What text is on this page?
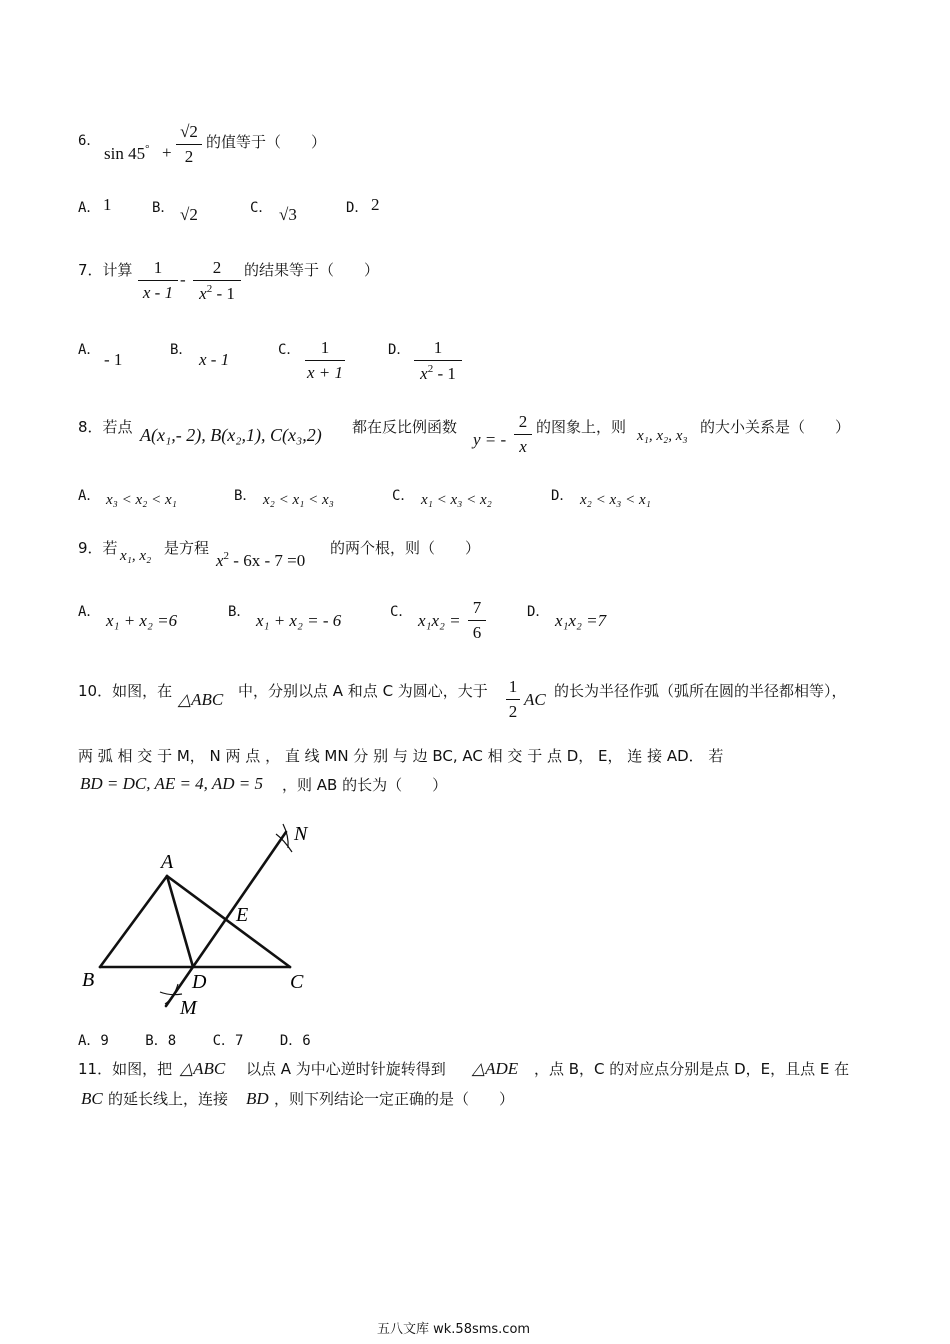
6．
sin 45° +
√2
2
的值等于（　　）
A． 1	B． √2	C． √3	D． 2
7．计算	1
x - 1
-
2
$x^2 - 1$
的结果等于（　　）
A． - 1	B． x - 1	C．	1
x + 1
D．	1
$x^2 - 1$
8．若点 A(x₁,- 2), B(x₂,1), C(x₃,2) 都在反比例函数
y = -
2
x
的图象上，则 x₁, x₂, x₃ 的大小关系是（　　）
A． x₃ < x₂ < x₁	B． x₂ < x₁ < x₃	C． x₁ < x₃ < x₂	D． x₂ < x₃ < x₁
9．若 x₁, x₂ 是方程
$x^2 - 6x - 7 =0$
的两个根，则（　　）
A． x₁ + x₂ =6	B． x₁ + x₂ = - 6	C． x₁x₂ =
7
6
D． x₁x₂ =7
10．如图，在 △ABC 中，分别以点 A 和点 C 为圆心，大于 1
2
AC 的长为半径作弧（弧所在圆的半径都相等），
两 弧 相 交 于 M， N 两 点 ， 直 线 MN 分 别 与 边 BC, AC 相 交 于 点 D， E， 连 接 AD． 若
BD = DC, AE = 4, AD = 5 ，则 AB 的长为（　　）
A
B	C
D
E
M
N
A．9　　 B．8　　 C．7　　 D．6
11．如图，把 △ABC 以点 A 为中心逆时针旋转得到 △ADE ，点 B，C 的对应点分别是点 D，E，且点 E 在
BC 的延长线上，连接 BD ，则下列结论一定正确的是（　　）
五八文库 wk.58sms.com
